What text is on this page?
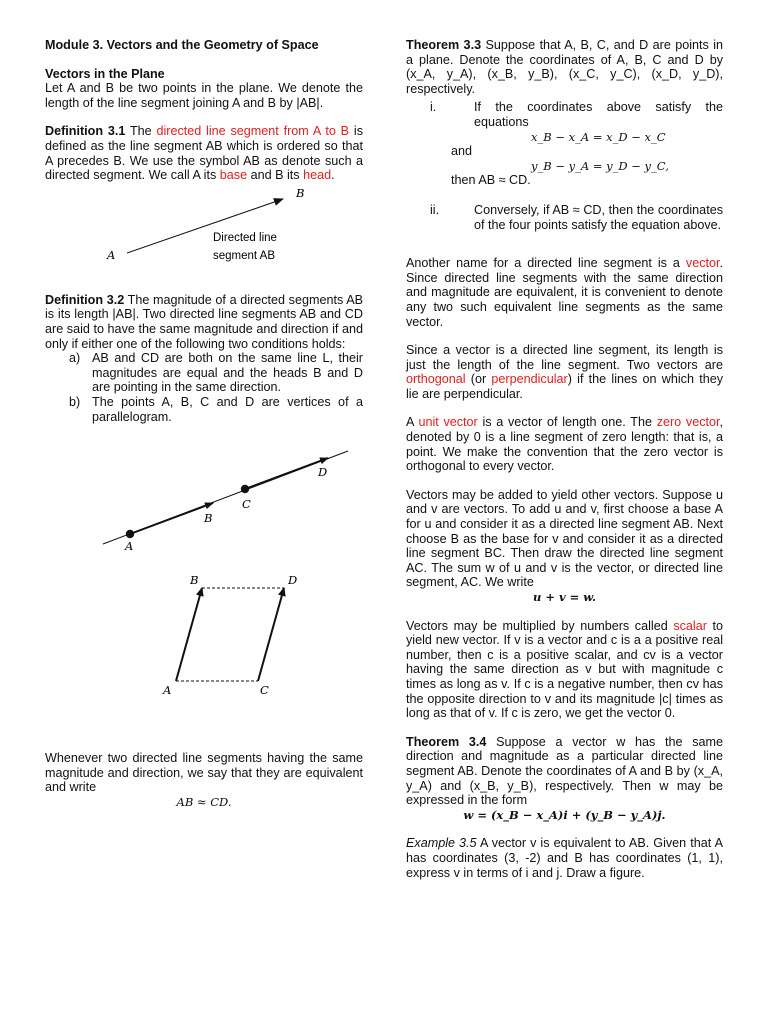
Module 3. Vectors and the Geometry of Space

Vectors in the Plane

Let A and B be two points in the plane. We denote the length of the line segment joining A and B by |AB|.

Definition 3.1 The directed line segment from A to B is defined as the line segment AB which is ordered so that A precedes B. We use the symbol AB as denote such a directed segment. We call A its base and B its head.

A
B
Directed line
segment AB

Definition 3.2 The magnitude of a directed segments AB is its length |AB|. Two directed line segments AB and CD are said to have the same magnitude and direction if and only if either one of the following two conditions holds:

a) AB and CD are both on the same line L, their magnitudes are equal and the heads B and D are pointing in the same direction.
b) The points A, B, C and D are vertices of a parallelogram.
A
B
C
D
A
B
C
D

Whenever two directed line segments having the same magnitude and direction, we say that they are equivalent and write

AB ≈ CD.

Theorem 3.3 Suppose that A, B, C, and D are points in a plane. Denote the coordinates of A, B, C and D by (x_A, y_A), (x_B, y_B), (x_C, y_C), (x_D, y_D), respectively.

i.	If the coordinates above satisfy the equations

x_B − x_A = x_D − x_C

and

y_B − y_A = y_D − y_C,

then AB ≈ CD.

ii.	Conversely, if AB ≈ CD, then the coordinates of the four points satisfy the equation above.

Another name for a directed line segment is a vector. Since directed line segments with the same direction and magnitude are equivalent, it is convenient to denote any two such equivalent line segments as the same vector.

Since a vector is a directed line segment, its length is just the length of the line segment. Two vectors are orthogonal (or perpendicular) if the lines on which they lie are perpendicular.

A unit vector is a vector of length one. The zero vector, denoted by 0 is a line segment of zero length: that is, a point. We make the convention that the zero vector is orthogonal to every vector.

Vectors may be added to yield other vectors. Suppose u and v are vectors. To add u and v, first choose a base A for u and consider it as a directed line segment AB. Next choose B as the base for v and consider it as a directed line segment BC. Then draw the directed line segment AC. The sum w of u and v is the vector, or directed line segment, AC. We write

u + v = w.

Vectors may be multiplied by numbers called scalar to yield new vector. If v is a vector and c is a a positive real number, then c is a positive scalar, and cv is a vector having the same direction as v but with magnitude c times as long as v. If c is a negative number, then cv has the opposite direction to v and its magnitude |c| times as long as that of v. If c is zero, we get the vector 0.

Theorem 3.4 Suppose a vector w has the same direction and magnitude as a particular directed line segment AB. Denote the coordinates of A and B by (x_A, y_A) and (x_B, y_B), respectively. Then w may be expressed in the form

w = (x_B − x_A)i + (y_B − y_A)j.

Example 3.5 A vector v is equivalent to AB. Given that A has coordinates (3, -2) and B has coordinates (1, 1), express v in terms of i and j. Draw a figure.
